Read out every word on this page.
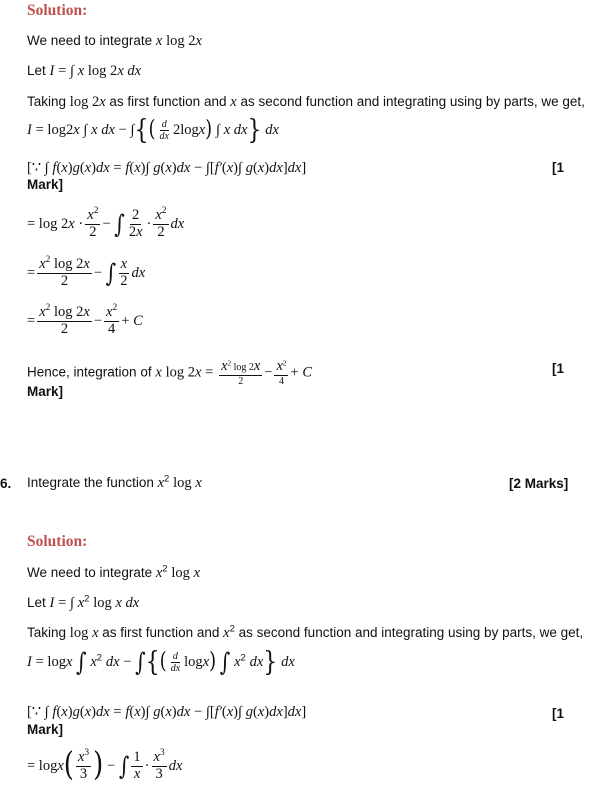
Solution:
We need to integrate x log 2x
Let I = ∫ x log 2x dx
Taking log 2x as first function and x as second function and integrating using by parts, we get,
I = log2x ∫ x dx − ∫{( $\frac{d}{dx} 2\log x$) ∫ x dx} dx
[∵ ∫ f(x)g(x)dx = f(x)∫ g(x)dx − ∫[f′(x)∫ g(x)dx]dx]	[1
Mark]
= $\log 2x \cdot \frac{x^2}{2}$ − ∫ $\frac{2}{2x} \cdot \frac{x^2}{2}$ dx
= $\frac{x^2 \log 2x}{2}$ − ∫ $\frac{x}{2}$ dx
= $\frac{x^2 \log 2x}{2} - \frac{x^2}{4} + C$
Hence, integration of x $\log 2x = \frac{x^2 \log 2x}{2} - \frac{x^2}{4} + C$	[1
Mark]
6. Integrate the function $x^2$ log x	[2 Marks]
Solution:
We need to integrate $x^2$ log x
Let I = ∫ $x^2$ log x dx
Taking log x as first function and $x^2$ as second function and integrating using by parts, we get,
I = logx ∫ $x^2$ dx − ∫{( $\frac{d}{dx} \log x$) ∫ $x^2$ dx} dx
[∵ ∫ f(x)g(x)dx = f(x)∫ g(x)dx − ∫[f′(x)∫ g(x)dx]dx]	[1
Mark]
= $\log x( \frac{x^3}{3}$ ) − ∫ $\frac{1}{x} \cdot \frac{x^3}{3}$ dx
